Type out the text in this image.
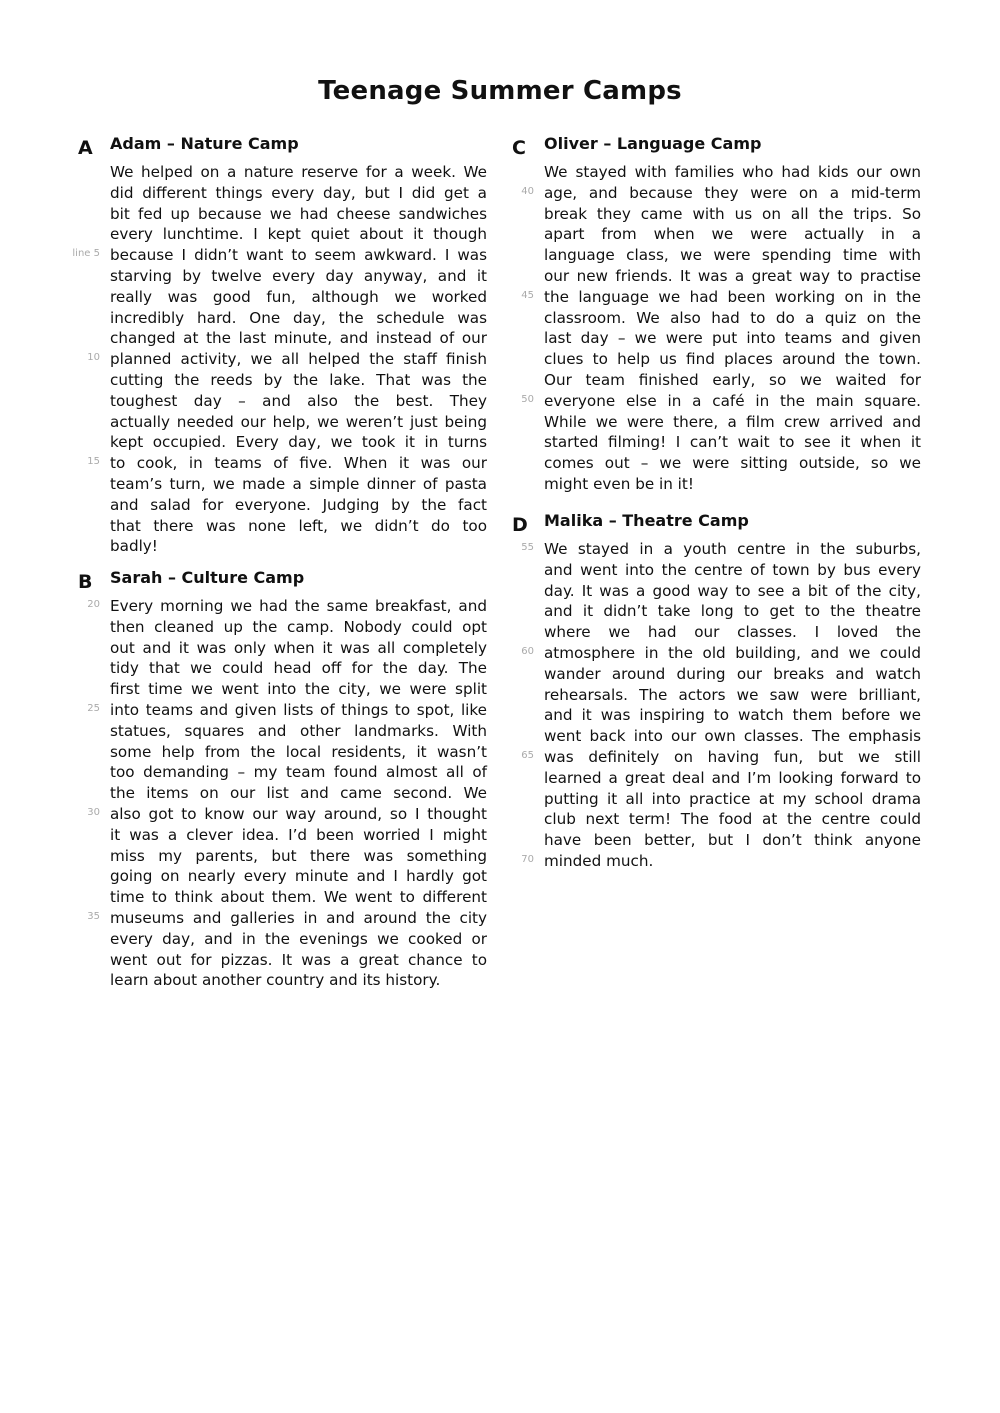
Teenage Summer Camps
A	Adam – Nature Camp
We helped on a nature reserve for a week. We
did different things every day, but I did get a
bit fed up because we had cheese sandwiches
every lunchtime. I kept quiet about it though
line 5 because I didn’t want to seem awkward. I was
starving by twelve every day anyway, and it
really was good fun, although we worked
incredibly hard. One day, the schedule was
changed at the last minute, and instead of our
10 planned activity, we all helped the staff finish
cutting the reeds by the lake. That was the
toughest day – and also the best. They
actually needed our help, we weren’t just being
kept occupied. Every day, we took it in turns
15 to cook, in teams of five. When it was our
team’s turn, we made a simple dinner of pasta
and salad for everyone. Judging by the fact
that there was none left, we didn’t do too
badly!
B	Sarah – Culture Camp
20 Every morning we had the same breakfast, and
then cleaned up the camp. Nobody could opt
out and it was only when it was all completely
tidy that we could head off for the day. The
first time we went into the city, we were split
25 into teams and given lists of things to spot, like
statues, squares and other landmarks. With
some help from the local residents, it wasn’t
too demanding – my team found almost all of
the items on our list and came second. We
30 also got to know our way around, so I thought
it was a clever idea. I’d been worried I might
miss my parents, but there was something
going on nearly every minute and I hardly got
time to think about them. We went to different
35 museums and galleries in and around the city
every day, and in the evenings we cooked or
went out for pizzas. It was a great chance to
learn about another country and its history.
C	Oliver – Language Camp
We stayed with families who had kids our own
40 age, and because they were on a mid-term
break they came with us on all the trips. So
apart from when we were actually in a
language class, we were spending time with
our new friends. It was a great way to practise
45 the language we had been working on in the
classroom. We also had to do a quiz on the
last day – we were put into teams and given
clues to help us find places around the town.
Our team finished early, so we waited for
50 everyone else in a café in the main square.
While we were there, a film crew arrived and
started filming! I can’t wait to see it when it
comes out – we were sitting outside, so we
might even be in it!
D	Malika – Theatre Camp
55 We stayed in a youth centre in the suburbs,
and went into the centre of town by bus every
day. It was a good way to see a bit of the city,
and it didn’t take long to get to the theatre
where we had our classes. I loved the
60 atmosphere in the old building, and we could
wander around during our breaks and watch
rehearsals. The actors we saw were brilliant,
and it was inspiring to watch them before we
went back into our own classes. The emphasis
65 was definitely on having fun, but we still
learned a great deal and I’m looking forward to
putting it all into practice at my school drama
club next term! The food at the centre could
have been better, but I don’t think anyone
70 minded much.
